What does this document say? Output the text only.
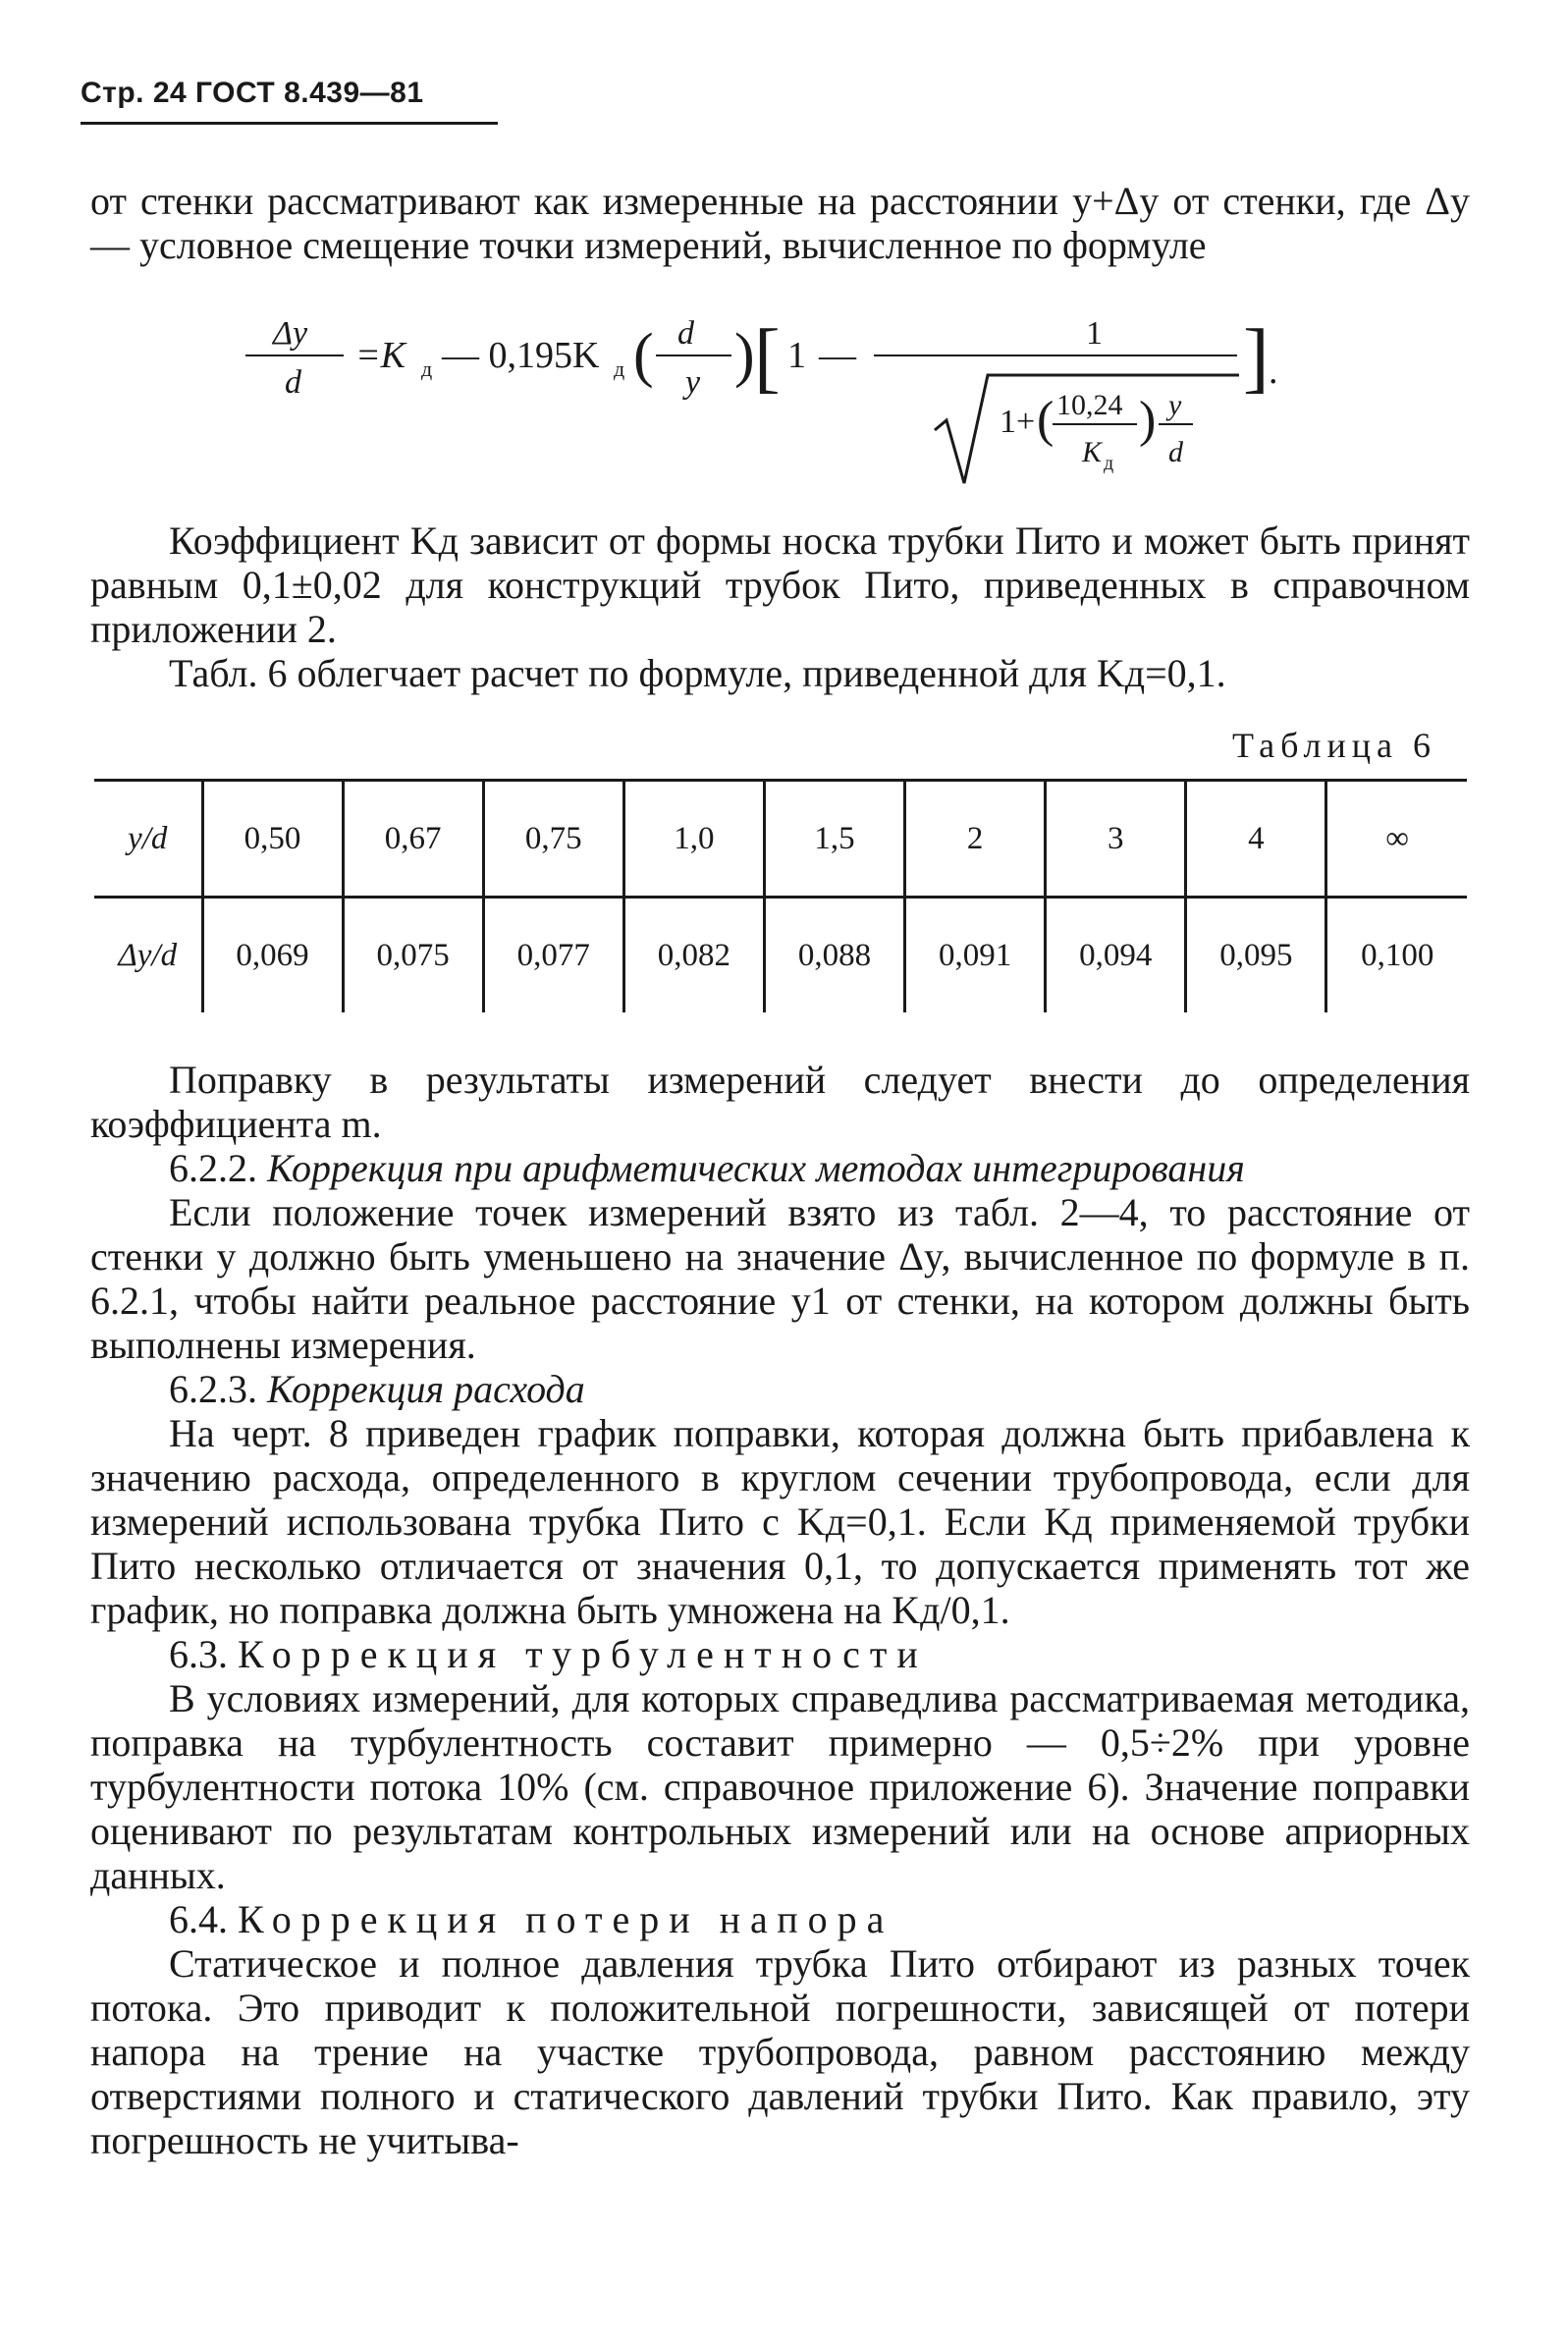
Стр. 24 ГОСТ 8.439—81

от стенки рассматривают как измеренные на расстоянии y+Δy от стенки, где Δy — условное смещение точки измерений, вычисленное по формуле

Δy
d
=K д — 0,195K д ( d
y ) [ 1 —
1
1+ ( 10,24
K д
) y
d
] .

Коэффициент Kд зависит от формы носка трубки Пито и может быть принят равным 0,1±0,02 для конструкций трубок Пито, приведенных в справочном приложении 2.

Табл. 6 облегчает расчет по формуле, приведенной для Kд=0,1.

Таблица 6
y/d	0,50	0,67	0,75	1,0	1,5	2	3	4	∞
Δy/d	0,069	0,075	0,077	0,082	0,088	0,091	0,094	0,095	0,100

Поправку в результаты измерений следует внести до определения коэффициента m.

6.2.2. Коррекция при арифметических методах интегрирования

Если положение точек измерений взято из табл. 2—4, то расстояние от стенки y должно быть уменьшено на значение Δy, вычисленное по формуле в п. 6.2.1, чтобы найти реальное расстояние y1 от стенки, на котором должны быть выполнены измерения.

6.2.3. Коррекция расхода

На черт. 8 приведен график поправки, которая должна быть прибавлена к значению расхода, определенного в круглом сечении трубопровода, если для измерений использована трубка Пито с Kд=0,1. Если Kд применяемой трубки Пито несколько отличается от значения 0,1, то допускается применять тот же график, но поправка должна быть умножена на Kд/0,1.

6.3. Коррекция турбулентности

В условиях измерений, для которых справедлива рассматриваемая методика, поправка на турбулентность составит примерно — 0,5÷2% при уровне турбулентности потока 10% (см. справочное приложение 6). Значение поправки оценивают по результатам контрольных измерений или на основе априорных данных.

6.4. Коррекция потери напора

Статическое и полное давления трубка Пито отбирают из разных точек потока. Это приводит к положительной погрешности, зависящей от потери напора на трение на участке трубопровода, равном расстоянию между отверстиями полного и статического давлений трубки Пито. Как правило, эту погрешность не учитыва-
